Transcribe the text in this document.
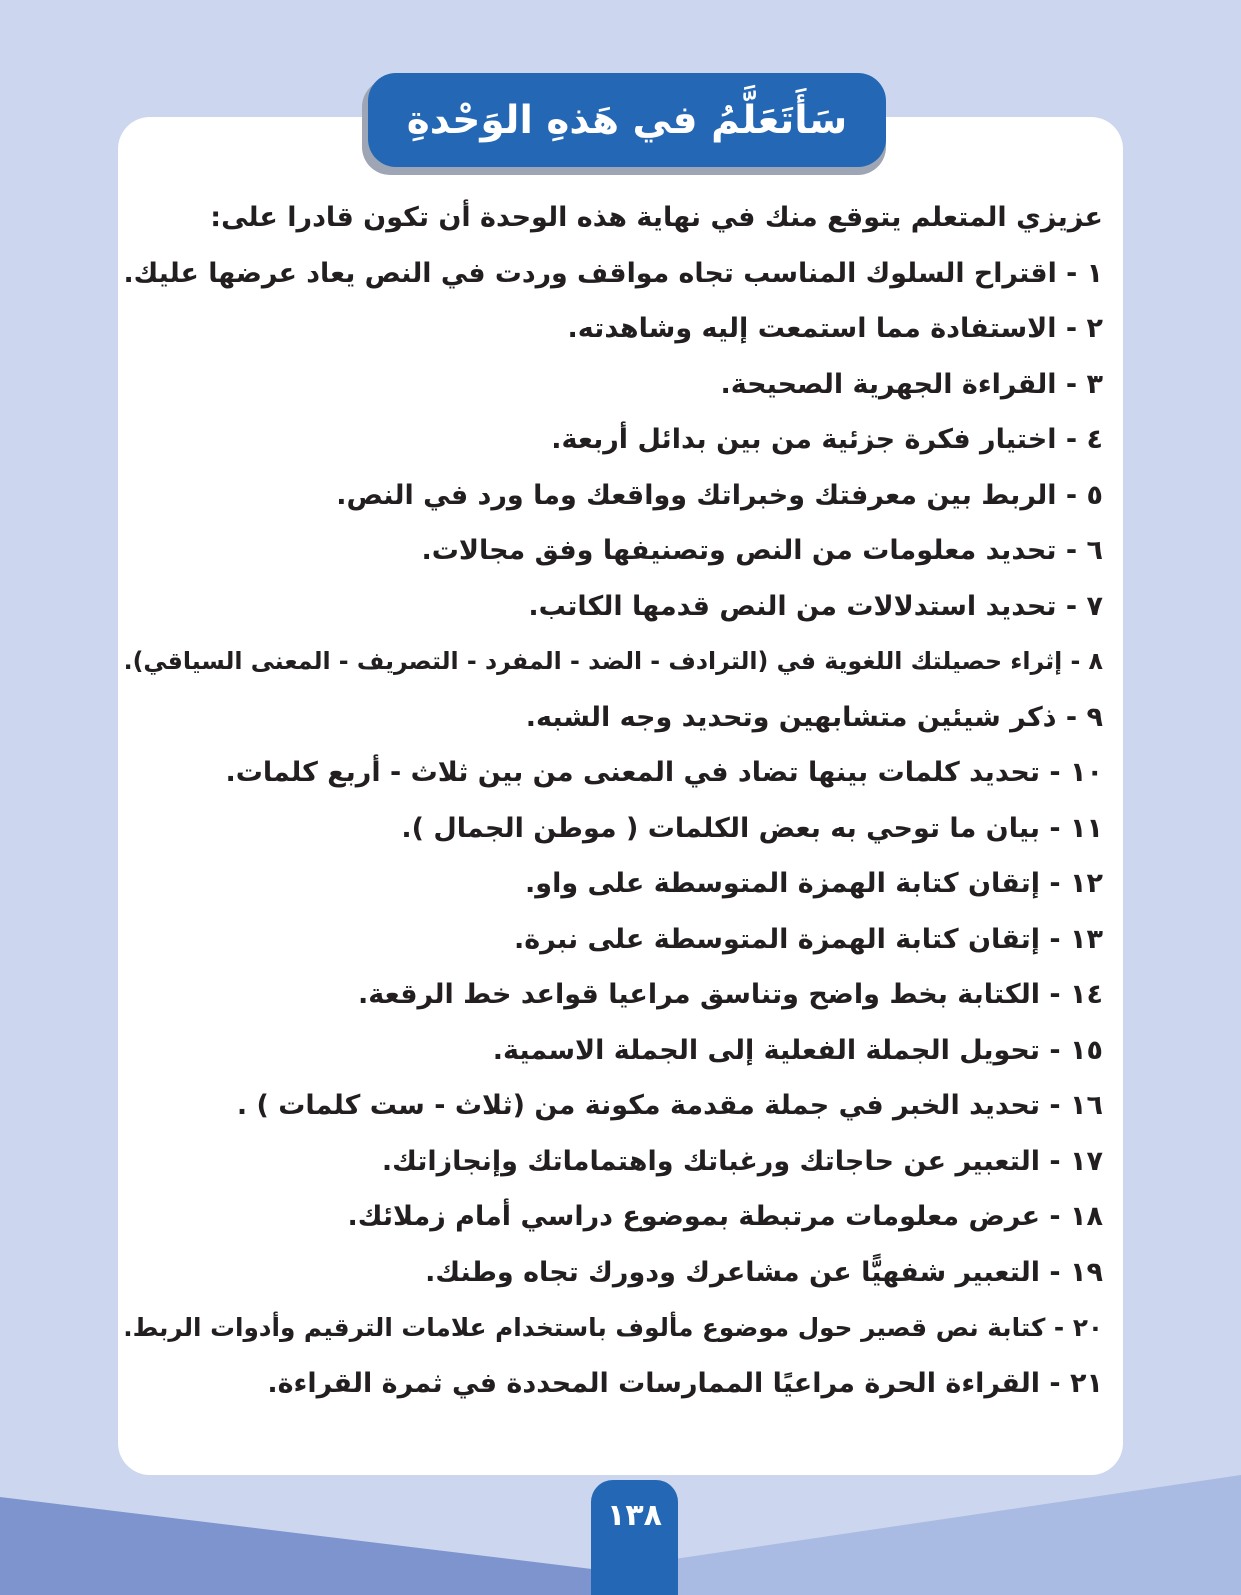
سَأَتَعَلَّمُ في هَذهِ الوَحْدةِ
عزيزي المتعلم يتوقع منك في نهاية هذه الوحدة أن تكون قادرا على:
١ - اقتراح السلوك المناسب تجاه مواقف وردت في النص يعاد عرضها عليك.
٢ - الاستفادة مما استمعت إليه وشاهدته.
٣ - القراءة الجهرية الصحيحة.
٤ - اختيار فكرة جزئية من بين بدائل أربعة.
٥ - الربط بين معرفتك وخبراتك وواقعك وما ورد في النص.
٦ - تحديد معلومات من النص وتصنيفها وفق مجالات.
٧ - تحديد استدلالات من النص قدمها الكاتب.
٨ - إثراء حصيلتك اللغوية في (الترادف - الضد - المفرد - التصريف - المعنى السياقي).
٩ - ذكر شيئين متشابهين وتحديد وجه الشبه.
١٠ - تحديد كلمات بينها تضاد في المعنى من بين ثلاث - أربع كلمات.
١١ - بيان ما توحي به بعض الكلمات ( موطن الجمال ).
١٢ - إتقان كتابة الهمزة المتوسطة على واو.
١٣ - إتقان كتابة الهمزة المتوسطة على نبرة.
١٤ - الكتابة بخط واضح وتناسق مراعيا قواعد خط الرقعة.
١٥ - تحويل الجملة الفعلية إلى الجملة الاسمية.
١٦ - تحديد الخبر في جملة مقدمة مكونة من (ثلاث - ست كلمات ) .
١٧ - التعبير عن حاجاتك ورغباتك واهتماماتك وإنجازاتك.
١٨ - عرض معلومات مرتبطة بموضوع دراسي أمام زملائك.
١٩ - التعبير شفهيًّا عن مشاعرك ودورك تجاه وطنك.
٢٠ - كتابة نص قصير حول موضوع مألوف باستخدام علامات الترقيم وأدوات الربط.
٢١ - القراءة الحرة مراعيًا الممارسات المحددة في ثمرة القراءة.
١٣٨
